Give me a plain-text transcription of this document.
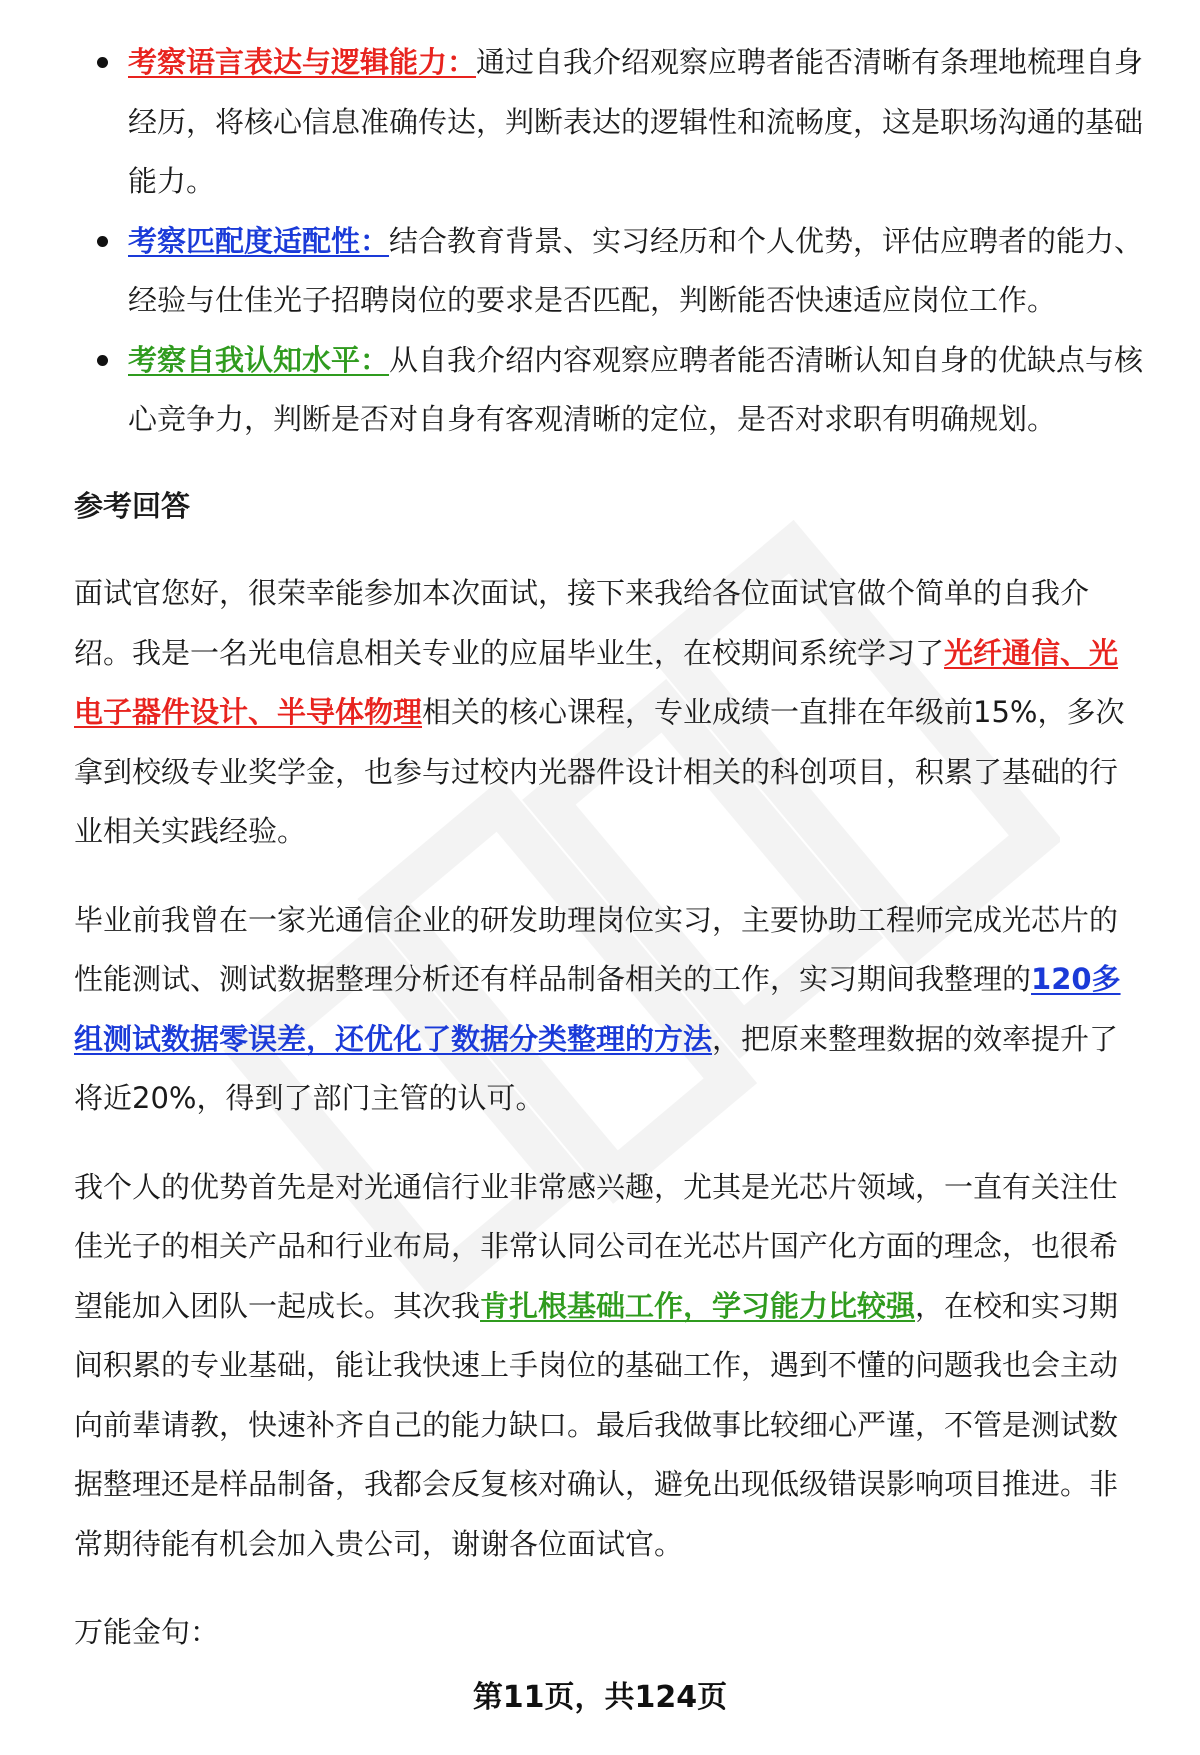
考察语言表达与逻辑能力：通过自我介绍观察应聘者能否清晰有条理地梳理自身经历，将核心信息准确传达，判断表达的逻辑性和流畅度，这是职场沟通的基础能力。
考察匹配度适配性：结合教育背景、实习经历和个人优势，评估应聘者的能力、经验与仕佳光子招聘岗位的要求是否匹配，判断能否快速适应岗位工作。
考察自我认知水平：从自我介绍内容观察应聘者能否清晰认知自身的优缺点与核心竞争力，判断是否对自身有客观清晰的定位，是否对求职有明确规划。
参考回答

面试官您好，很荣幸能参加本次面试，接下来我给各位面试官做个简单的自我介绍。我是一名光电信息相关专业的应届毕业生，在校期间系统学习了光纤通信、光电子器件设计、半导体物理相关的核心课程，专业成绩一直排在年级前15%，多次拿到校级专业奖学金，也参与过校内光器件设计相关的科创项目，积累了基础的行业相关实践经验。

毕业前我曾在一家光通信企业的研发助理岗位实习，主要协助工程师完成光芯片的性能测试、测试数据整理分析还有样品制备相关的工作，实习期间我整理的120多组测试数据零误差，还优化了数据分类整理的方法，把原来整理数据的效率提升了将近20%，得到了部门主管的认可。

我个人的优势首先是对光通信行业非常感兴趣，尤其是光芯片领域，一直有关注仕佳光子的相关产品和行业布局，非常认同公司在光芯片国产化方面的理念，也很希望能加入团队一起成长。其次我肯扎根基础工作，学习能力比较强，在校和实习期间积累的专业基础，能让我快速上手岗位的基础工作，遇到不懂的问题我也会主动向前辈请教，快速补齐自己的能力缺口。最后我做事比较细心严谨，不管是测试数据整理还是样品制备，我都会反复核对确认，避免出现低级错误影响项目推进。非常期待能有机会加入贵公司，谢谢各位面试官。

万能金句：

第11页，共124页
